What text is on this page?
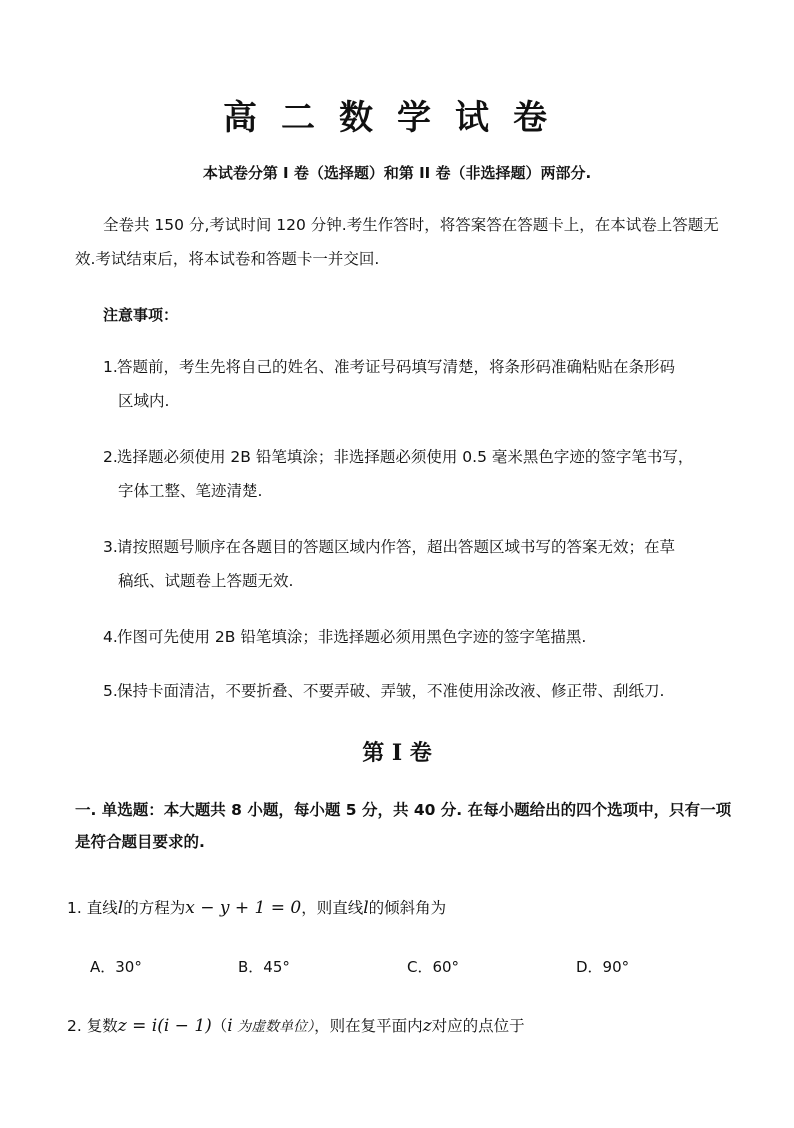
高二数学试卷
本试卷分第 I 卷（选择题）和第 II 卷（非选择题）两部分.
全卷共 150 分,考试时间 120 分钟.考生作答时，将答案答在答题卡上，在本试卷上答题无效.考试结束后，将本试卷和答题卡一并交回.
注意事项：
1. 答题前，考生先将自己的姓名、准考证号码填写清楚，将条形码准确粘贴在条形码
区域内.
2. 选择题必须使用 2B 铅笔填涂；非选择题必须使用 0.5 毫米黑色字迹的签字笔书写，
字体工整、笔迹清楚.
3. 请按照题号顺序在各题目的答题区域内作答，超出答题区域书写的答案无效；在草
稿纸、试题卷上答题无效.
4. 作图可先使用 2B 铅笔填涂；非选择题必须用黑色字迹的签字笔描黑.
5. 保持卡面清洁，不要折叠、不要弄破、弄皱，不准使用涂改液、修正带、刮纸刀.
第 I 卷
一. 单选题：本大题共 8 小题，每小题 5 分，共 40 分. 在每小题给出的四个选项中，只有一项是符合题目要求的.
1. 直线l的方程为x − y + 1 = 0，则直线l的倾斜角为
A．30°	B．45°	C．60°	D．90°
2. 复数z = i(i − 1)（i 为虚数单位），则在复平面内z对应的点位于
